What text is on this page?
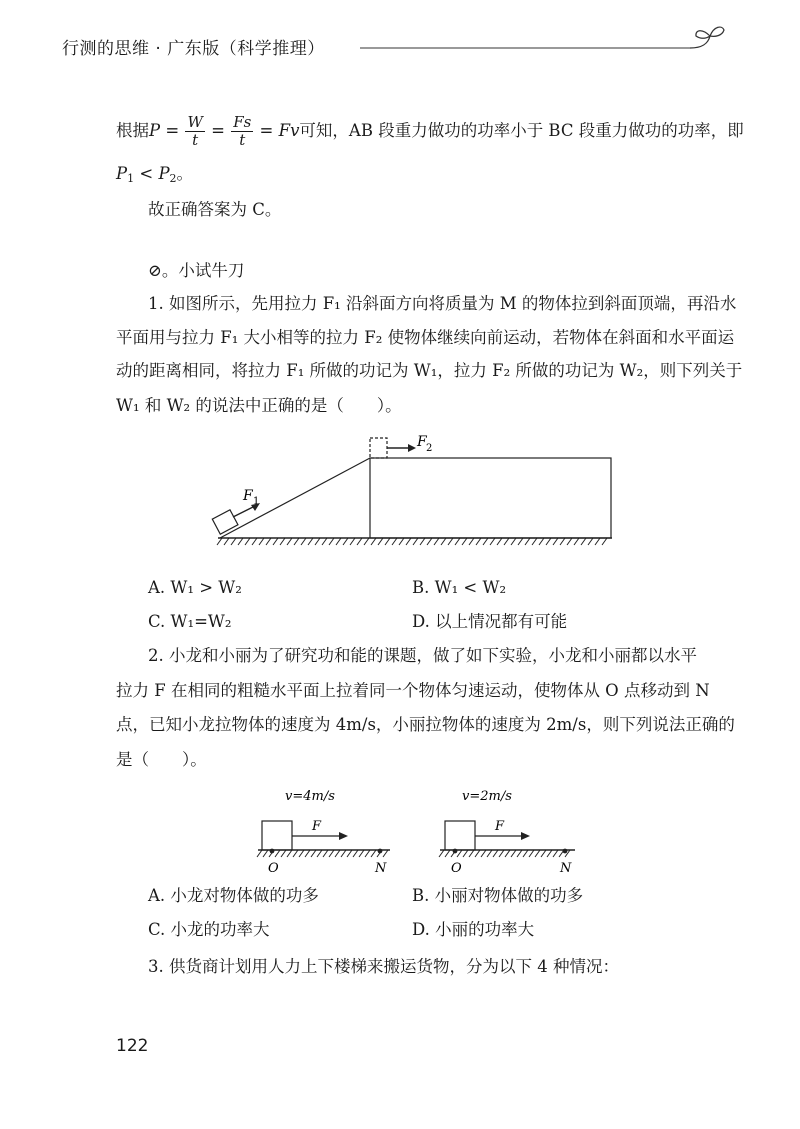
行测的思维 · 广东版（科学推理）
根据$P = \frac{W}{t} = \frac{Fs}{t} = Fv$可知，AB 段重力做功的功率小于 BC 段重力做功的功率，即
$P_1 < P_2$。
故正确答案为 C。
⊘。小试牛刀
1. 如图所示，先用拉力 F₁ 沿斜面方向将质量为 M 的物体拉到斜面顶端，再沿水
平面用与拉力 F₁ 大小相等的拉力 F₂ 使物体继续向前运动，若物体在斜面和水平面运
动的距离相同，将拉力 F₁ 所做的功记为 W₁，拉力 F₂ 所做的功记为 W₂，则下列关于
W₁ 和 W₂ 的说法中正确的是（　　）。
F 1
F 2
A. W₁ > W₂	B. W₁ < W₂
C. W₁=W₂	D. 以上情况都有可能
2. 小龙和小丽为了研究功和能的课题，做了如下实验，小龙和小丽都以水平
拉力 F 在相同的粗糙水平面上拉着同一个物体匀速运动，使物体从 O 点移动到 N
点，已知小龙拉物体的速度为 4m/s，小丽拉物体的速度为 2m/s，则下列说法正确的
是（　　）。
v=4m/s
F
O	N
v=2m/s
F
O	N
A. 小龙对物体做的功多	B. 小丽对物体做的功多
C. 小龙的功率大	D. 小丽的功率大
3. 供货商计划用人力上下楼梯来搬运货物，分为以下 4 种情况：
122
